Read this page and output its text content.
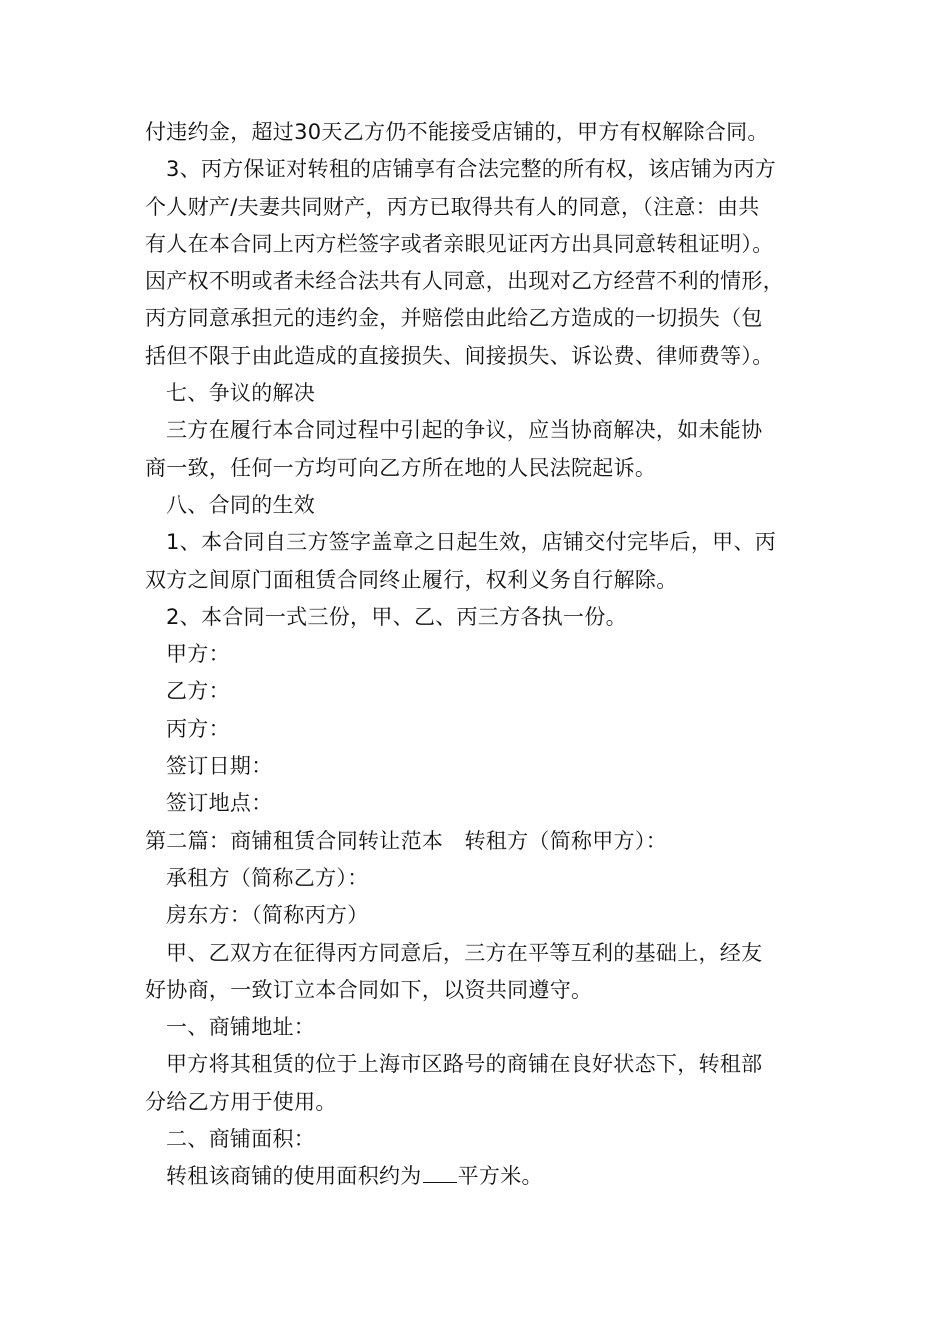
付违约金，超过30天乙方仍不能接受店铺的，甲方有权解除合同。
3、丙方保证对转租的店铺享有合法完整的所有权，该店铺为丙方
个人财产/夫妻共同财产，丙方已取得共有人的同意，（注意：由共
有人在本合同上丙方栏签字或者亲眼见证丙方出具同意转租证明）。
因产权不明或者未经合法共有人同意，出现对乙方经营不利的情形，
丙方同意承担元的违约金，并赔偿由此给乙方造成的一切损失（包
括但不限于由此造成的直接损失、间接损失、诉讼费、律师费等）。
七、争议的解决
三方在履行本合同过程中引起的争议，应当协商解决，如未能协
商一致，任何一方均可向乙方所在地的人民法院起诉。
八、合同的生效
1、本合同自三方签字盖章之日起生效，店铺交付完毕后，甲、丙
双方之间原门面租赁合同终止履行，权利义务自行解除。
2、本合同一式三份，甲、乙、丙三方各执一份。
甲方：
乙方：
丙方：
签订日期：
签订地点：
第二篇：商铺租赁合同转让范本　转租方（简称甲方）：
承租方（简称乙方）：
房东方：（简称丙方）
甲、乙双方在征得丙方同意后，三方在平等互利的基础上，经友
好协商，一致订立本合同如下，以资共同遵守。
一、商铺地址：
甲方将其租赁的位于上海市区路号的商铺在良好状态下，转租部
分给乙方用于使用。
二、商铺面积：
转租该商铺的使用面积约为 平方米。
